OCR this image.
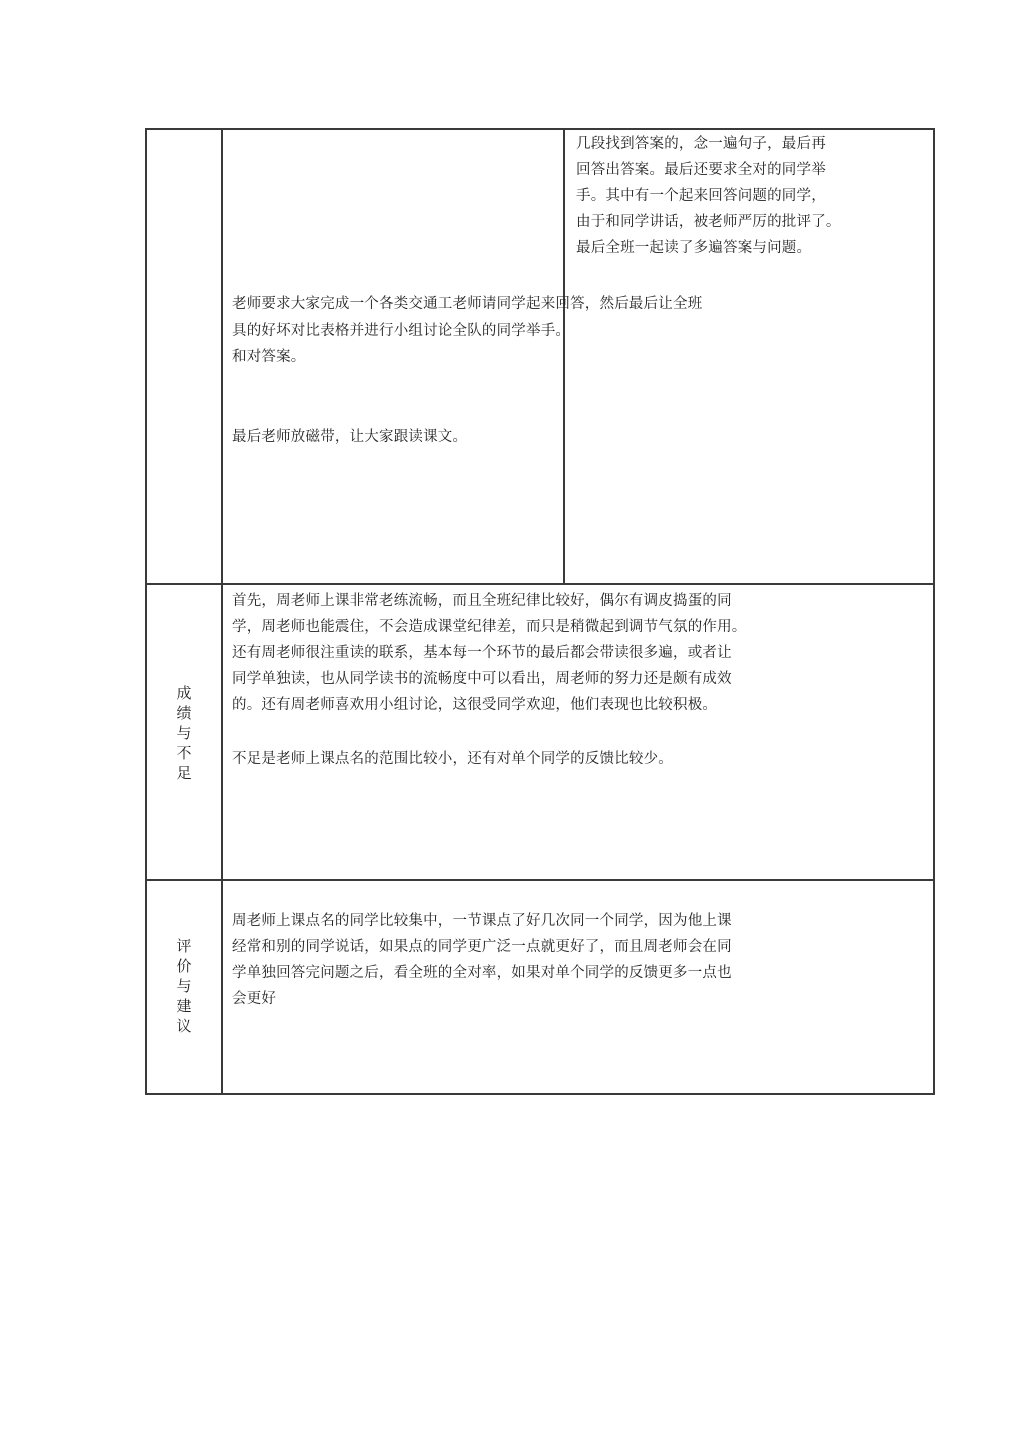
几段找到答案的，念一遍句子，最后再
回答出答案。最后还要求全对的同学举
手。其中有一个起来回答问题的同学，
由于和同学讲话，被老师严厉的批评了。
最后全班一起读了多遍答案与问题。
老师要求大家完成一个各类交通工老师请同学起来回答，然后最后让全班
具的好坏对比表格并进行小组讨论全队的同学举手。
和对答案。
最后老师放磁带，让大家跟读课文。
成
绩
与
不
足
首先，周老师上课非常老练流畅，而且全班纪律比较好，偶尔有调皮捣蛋的同
学，周老师也能震住，不会造成课堂纪律差，而只是稍微起到调节气氛的作用。
还有周老师很注重读的联系，基本每一个环节的最后都会带读很多遍，或者让
同学单独读，也从同学读书的流畅度中可以看出，周老师的努力还是颇有成效
的。还有周老师喜欢用小组讨论，这很受同学欢迎，他们表现也比较积极。
不足是老师上课点名的范围比较小，还有对单个同学的反馈比较少。
评
价
与
建
议
周老师上课点名的同学比较集中，一节课点了好几次同一个同学，因为他上课
经常和别的同学说话，如果点的同学更广泛一点就更好了，而且周老师会在同
学单独回答完问题之后，看全班的全对率，如果对单个同学的反馈更多一点也
会更好
